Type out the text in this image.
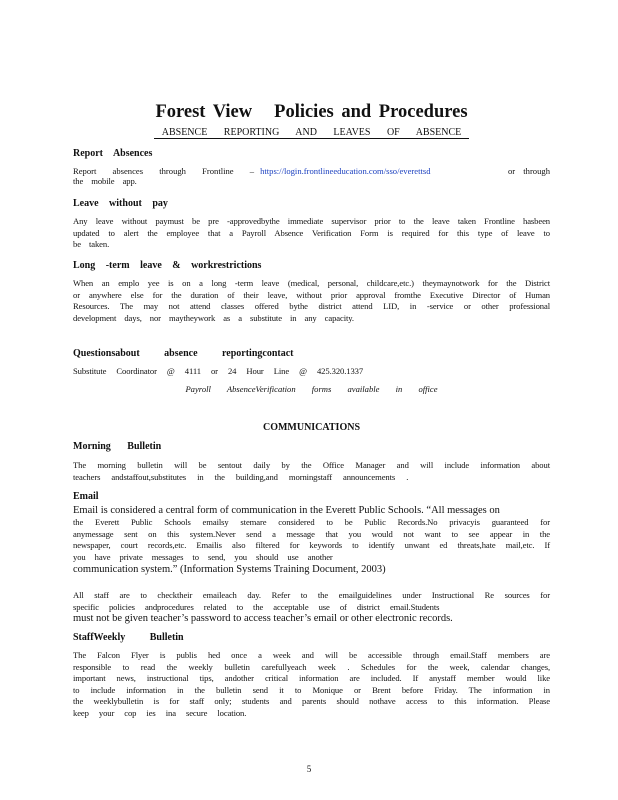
Forest View Policies and Procedures
ABSENCE REPORTING AND LEAVES OF ABSENCE
Report Absences
Report absences through Frontline – https://login.frontlineeducation.com/sso/everettsd	or through
the mobile app.
Leave without pay
Any leave without paymust be pre -approvedbythe immediate supervisor prior to the leave taken Frontline hasbeen updated to alert the employee that a Payroll Absence Verification Form is required for this type of leave to be taken.
Long -term leave & workrestrictions
When an emplo yee is on a long -term leave (medical, personal, childcare,etc.) theymaynotwork for the District or anywhere else for the duration of their leave, without prior approval fromthe Executive Director of Human Resources. The may not attend classes offered bythe district attend LID, in -service or other professional development days, nor maytheywork as a substitute in any capacity.
Questionsabout absence reportingcontact
Substitute Coordinator @ 4111 or 24 Hour Line @ 425.320.1337
Payroll AbsenceVerification forms available in office
COMMUNICATIONS
Morning Bulletin
The morning bulletin will be sentout daily by the Office Manager and will include information about teachers andstaffout,substitutes in the building,and morningstaff announcements .
Email
Email is considered a central form of communication in the Everett Public Schools. “All messages on
the Everett Public Schools emailsy stemare considered to be Public Records.No privacyis guaranteed for anymessage sent on this system.Never send a message that you would not want to see appear in the newspaper, court records,etc. Emailis also filtered for keywords to identify unwant ed threats,hate mail,etc. If you have private messages to send, you should use another
communication system.” (Information Systems Training Document, 2003)
All staff are to checktheir emaileach day. Refer to the emailguidelines under Instructional Re sources for specific policies andprocedures related to the acceptable use of district email.Students
must not be given teacher’s password to access teacher’s email or other electronic records.
StaffWeekly Bulletin
The Falcon Flyer is publis hed once a week and will be accessible through email.Staff members are responsible to read the weekly bulletin carefullyeach week . Schedules for the week, calendar changes, important news, instructional tips, andother critical information are included. If anystaff member would like to include information in the bulletin send it to Monique or Brent before Friday. The information in the weeklybulletin is for staff only; students and parents should nothave access to this information. Please keep your cop ies ina secure location.
5
